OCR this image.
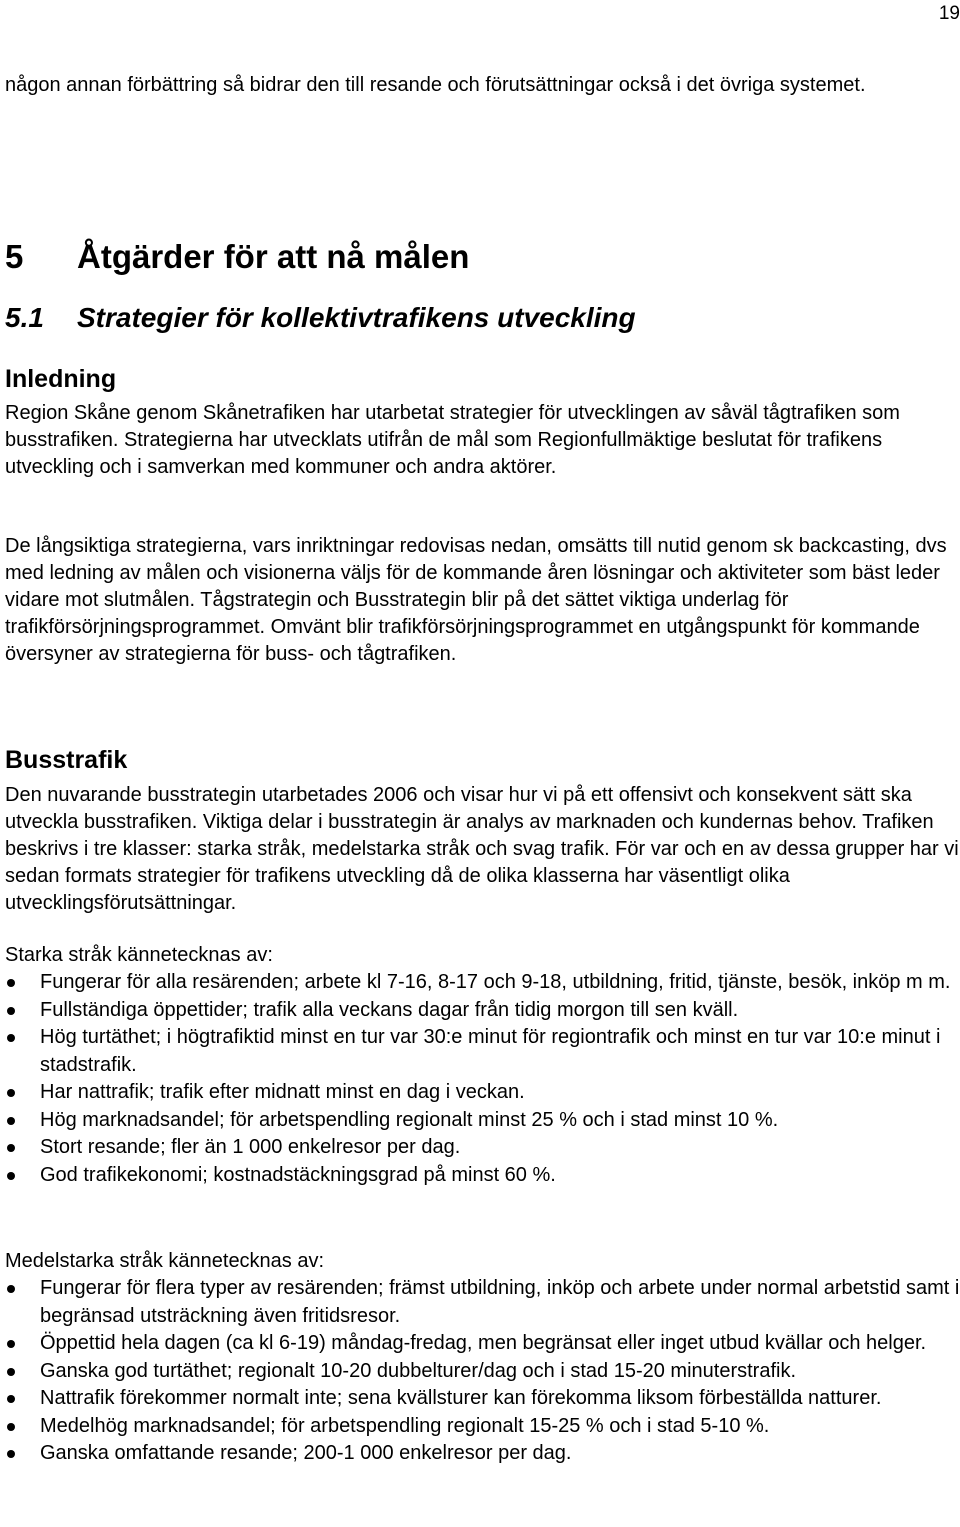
19

någon annan förbättring så bidrar den till resande och förutsättningar också i det övriga systemet.

5 Åtgärder för att nå målen
5.1 Strategier för kollektivtrafikens utveckling
Inledning

Region Skåne genom Skånetrafiken har utarbetat strategier för utvecklingen av såväl tågtrafiken som busstrafiken. Strategierna har utvecklats utifrån de mål som Regionfullmäktige beslutat för trafikens utveckling och i samverkan med kommuner och andra aktörer.

De långsiktiga strategierna, vars inriktningar redovisas nedan, omsätts till nutid genom sk backcasting, dvs med ledning av målen och visionerna väljs för de kommande åren lösningar och aktiviteter som bäst leder vidare mot slutmålen. Tågstrategin och Busstrategin blir på det sättet viktiga underlag för trafikförsörjningsprogrammet. Omvänt blir trafikförsörjningsprogrammet en utgångspunkt för kommande översyner av strategierna för buss- och tågtrafiken.

Busstrafik

Den nuvarande busstrategin utarbetades 2006 och visar hur vi på ett offensivt och konsekvent sätt ska utveckla busstrafiken. Viktiga delar i busstrategin är analys av marknaden och kundernas behov. Trafiken beskrivs i tre klasser: starka stråk, medelstarka stråk och svag trafik. För var och en av dessa grupper har vi sedan formats strategier för trafikens utveckling då de olika klasserna har väsentligt olika utvecklingsförutsättningar.

Starka stråk kännetecknas av:

Fungerar för alla resärenden; arbete kl 7-16, 8-17 och 9-18, utbildning, fritid, tjänste, besök, inköp m m.
Fullständiga öppettider; trafik alla veckans dagar från tidig morgon till sen kväll.
Hög turtäthet; i högtrafiktid minst en tur var 30:e minut för regiontrafik och minst en tur var 10:e minut i stadstrafik.
Har nattrafik; trafik efter midnatt minst en dag i veckan.
Hög marknadsandel; för arbetspendling regionalt minst 25 % och i stad minst 10 %.
Stort resande; fler än 1 000 enkelresor per dag.
God trafikekonomi; kostnadstäckningsgrad på minst 60 %.

Medelstarka stråk kännetecknas av:

Fungerar för flera typer av resärenden; främst utbildning, inköp och arbete under normal arbetstid samt i begränsad utsträckning även fritidsresor.
Öppettid hela dagen (ca kl 6-19) måndag-fredag, men begränsat eller inget utbud kvällar och helger.
Ganska god turtäthet; regionalt 10-20 dubbelturer/dag och i stad 15-20 minuterstrafik.
Nattrafik förekommer normalt inte; sena kvällsturer kan förekomma liksom förbeställda natturer.
Medelhög marknadsandel; för arbetspendling regionalt 15-25 % och i stad 5-10 %.
Ganska omfattande resande; 200-1 000 enkelresor per dag.
